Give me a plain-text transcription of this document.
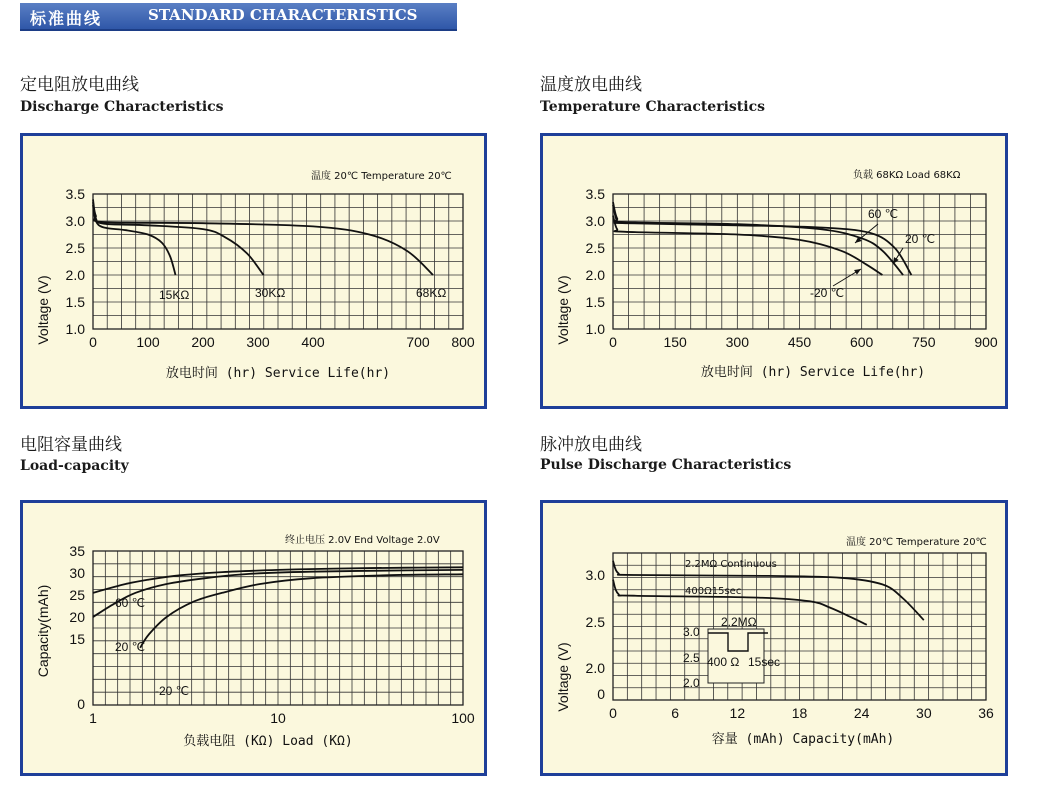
标准曲线	STANDARD CHARACTERISTICS
定电阻放电曲线
Discharge Characteristics
温度放电曲线
Temperature Characteristics
电阻容量曲线
Load-capacity
脉冲放电曲线
Pulse Discharge Characteristics
温度 20℃ Temperature 20℃
Voltage (V)
放电时间 (hr) Service Life(hr)
0	100 200 300 400	700 800
1.0
1.5
2.0
2.5
3.0
3.5
15KΩ	30KΩ	68KΩ
负载 68KΩ Load 68KΩ
Voltage (V)
放电时间 (hr) Service Life(hr)
0	150	300	450	600	750	900
1.0
1.5
2.0
2.5
3.0
3.5
60 ℃
20 ℃
-20 ℃
终止电压 2.0V End Voltage 2.0V
Capacity(mAh)
负载电阻 (KΩ) Load (KΩ)
1	10	100
0
15
20
25
30
35
60 ℃
20 ℃
-20 ℃
温度 20℃ Temperature 20℃
Voltage (V)
容量 (mAh) Capacity(mAh)
0	6	12	18	24	30	36
0
2.0
2.5
3.0
2.2MΩ Continuous
400Ω15sec
3.0
2.5
2.0
2.2MΩ
400 Ω 15sec
